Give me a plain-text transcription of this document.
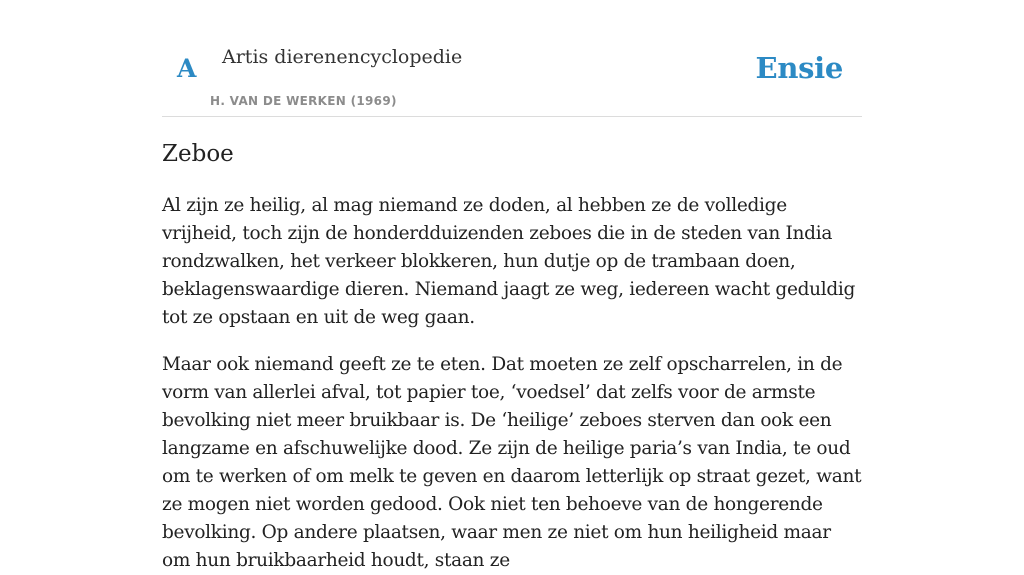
A Artis dierenencyclopedie
H. VAN DE WERKEN (1969)
Ensie
Zeboe

Al zijn ze heilig, al mag niemand ze doden, al hebben ze de volledige vrijheid, toch zijn de honderdduizenden zeboes die in de steden van India rondzwalken, het verkeer blokkeren, hun dutje op de trambaan doen, beklagenswaardige dieren. Niemand jaagt ze weg, iedereen wacht geduldig tot ze opstaan en uit de weg gaan.

Maar ook niemand geeft ze te eten. Dat moeten ze zelf opscharrelen, in de vorm van allerlei afval, tot papier toe, ‘voedsel’ dat zelfs voor de armste bevolking niet meer bruikbaar is. De ‘heilige’ zeboes sterven dan ook een langzame en afschuwelijke dood. Ze zijn de heilige paria’s van India, te oud om te werken of om melk te geven en daarom letterlijk op straat gezet, want ze mogen niet worden gedood. Ook niet ten behoeve van de hongerende bevolking. Op andere plaatsen, waar men ze niet om hun heiligheid maar om hun bruikbaarheid houdt, staan ze
